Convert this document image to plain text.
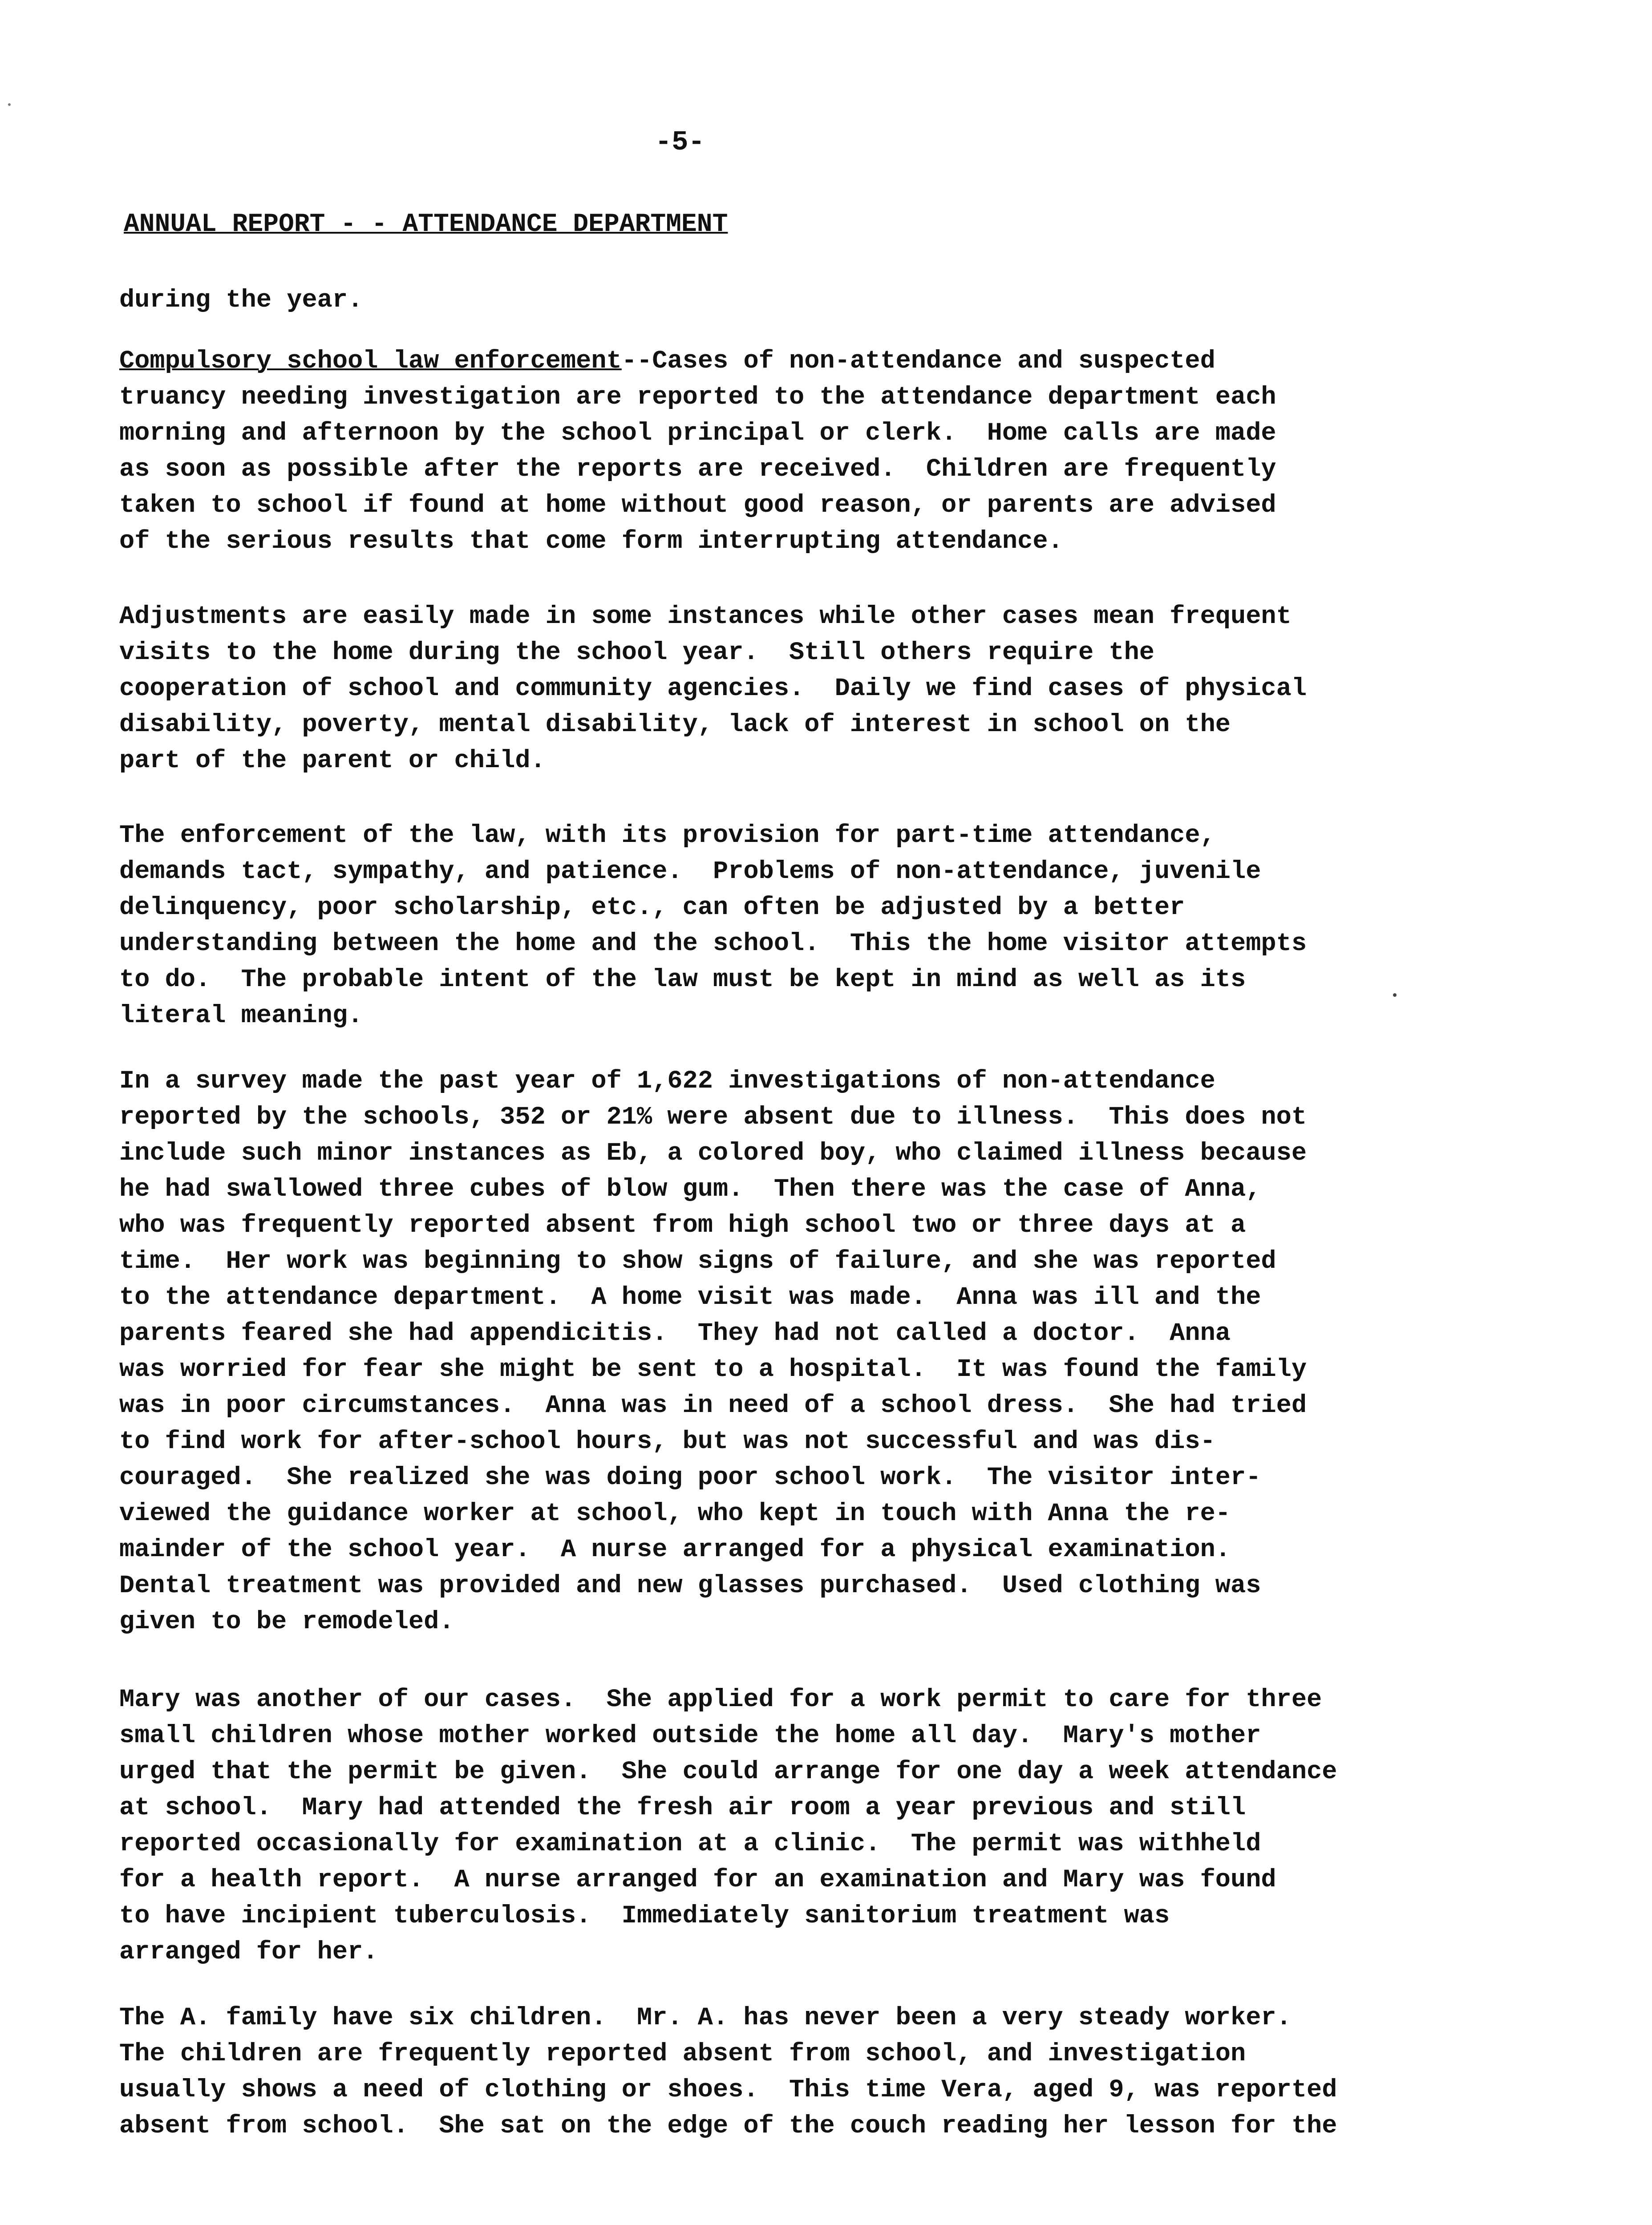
-5-
ANNUAL REPORT - - ATTENDANCE DEPARTMENT

during the year.

Compulsory school law enforcement--Cases of non-attendance and suspected

truancy needing investigation are reported to the attendance department each
morning and afternoon by the school principal or clerk.  Home calls are made
as soon as possible after the reports are received.  Children are frequently
taken to school if found at home without good reason, or parents are advised
of the serious results that come form interrupting attendance.

Adjustments are easily made in some instances while other cases mean frequent
visits to the home during the school year.  Still others require the
cooperation of school and community agencies.  Daily we find cases of physical
disability, poverty, mental disability, lack of interest in school on the
part of the parent or child.

The enforcement of the law, with its provision for part-time attendance,
demands tact, sympathy, and patience.  Problems of non-attendance, juvenile
delinquency, poor scholarship, etc., can often be adjusted by a better
understanding between the home and the school.  This the home visitor attempts
to do.  The probable intent of the law must be kept in mind as well as its
literal meaning.

In a survey made the past year of 1,622 investigations of non-attendance
reported by the schools, 352 or 21% were absent due to illness.  This does not
include such minor instances as Eb, a colored boy, who claimed illness because
he had swallowed three cubes of blow gum.  Then there was the case of Anna,
who was frequently reported absent from high school two or three days at a
time.  Her work was beginning to show signs of failure, and she was reported
to the attendance department.  A home visit was made.  Anna was ill and the
parents feared she had appendicitis.  They had not called a doctor.  Anna
was worried for fear she might be sent to a hospital.  It was found the family
was in poor circumstances.  Anna was in need of a school dress.  She had tried
to find work for after-school hours, but was not successful and was dis-
couraged.  She realized she was doing poor school work.  The visitor inter-
viewed the guidance worker at school, who kept in touch with Anna the re-
mainder of the school year.  A nurse arranged for a physical examination.
Dental treatment was provided and new glasses purchased.  Used clothing was
given to be remodeled.

Mary was another of our cases.  She applied for a work permit to care for three
small children whose mother worked outside the home all day.  Mary's mother
urged that the permit be given.  She could arrange for one day a week attendance
at school.  Mary had attended the fresh air room a year previous and still
reported occasionally for examination at a clinic.  The permit was withheld
for a health report.  A nurse arranged for an examination and Mary was found
to have incipient tuberculosis.  Immediately sanitorium treatment was
arranged for her.

The A. family have six children.  Mr. A. has never been a very steady worker.
The children are frequently reported absent from school, and investigation
usually shows a need of clothing or shoes.  This time Vera, aged 9, was reported
absent from school.  She sat on the edge of the couch reading her lesson for the
